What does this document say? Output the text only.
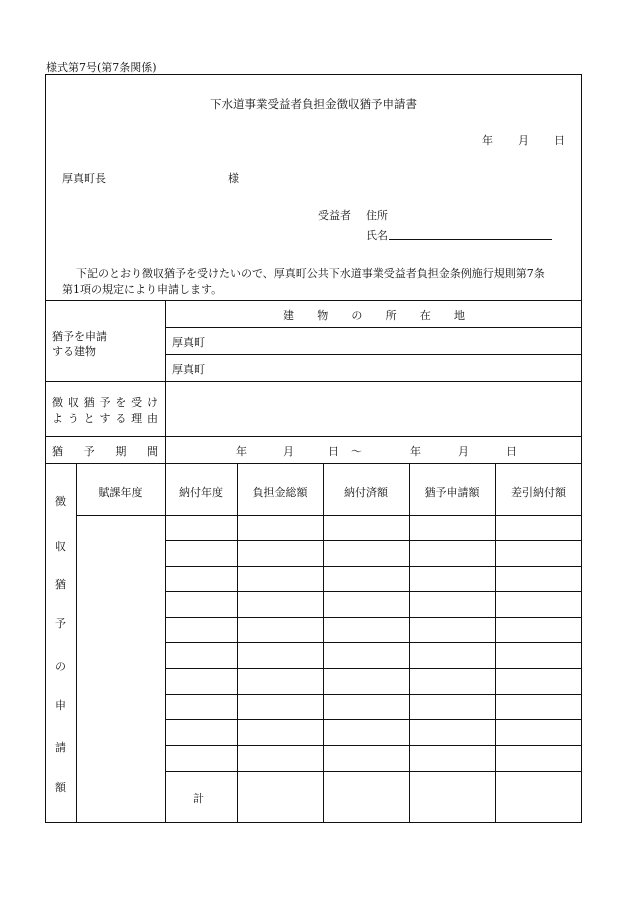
様式第7号(第7条関係)
下水道事業受益者負担金徴収猶予申請書
年 月 日
厚真町長	様
受益者 住所
氏名
下記のとおり徴収猶予を受けたいので、厚真町公共下水道事業受益者負担金条例施行規則第7条
第1項の規定により申請します。
猶予を申請
する建物
建 物 の 所 在 地
厚真町
厚真町
徴 収 猶 予 を 受 け
よ う と す る 理 由
猶 予 期 間	年	月	日 ～	年	月	日
徴
収
猶
予
の
申
請
額
賦課年度	納付年度	負担金総額	納付済額	猶予申請額	差引納付額
計
